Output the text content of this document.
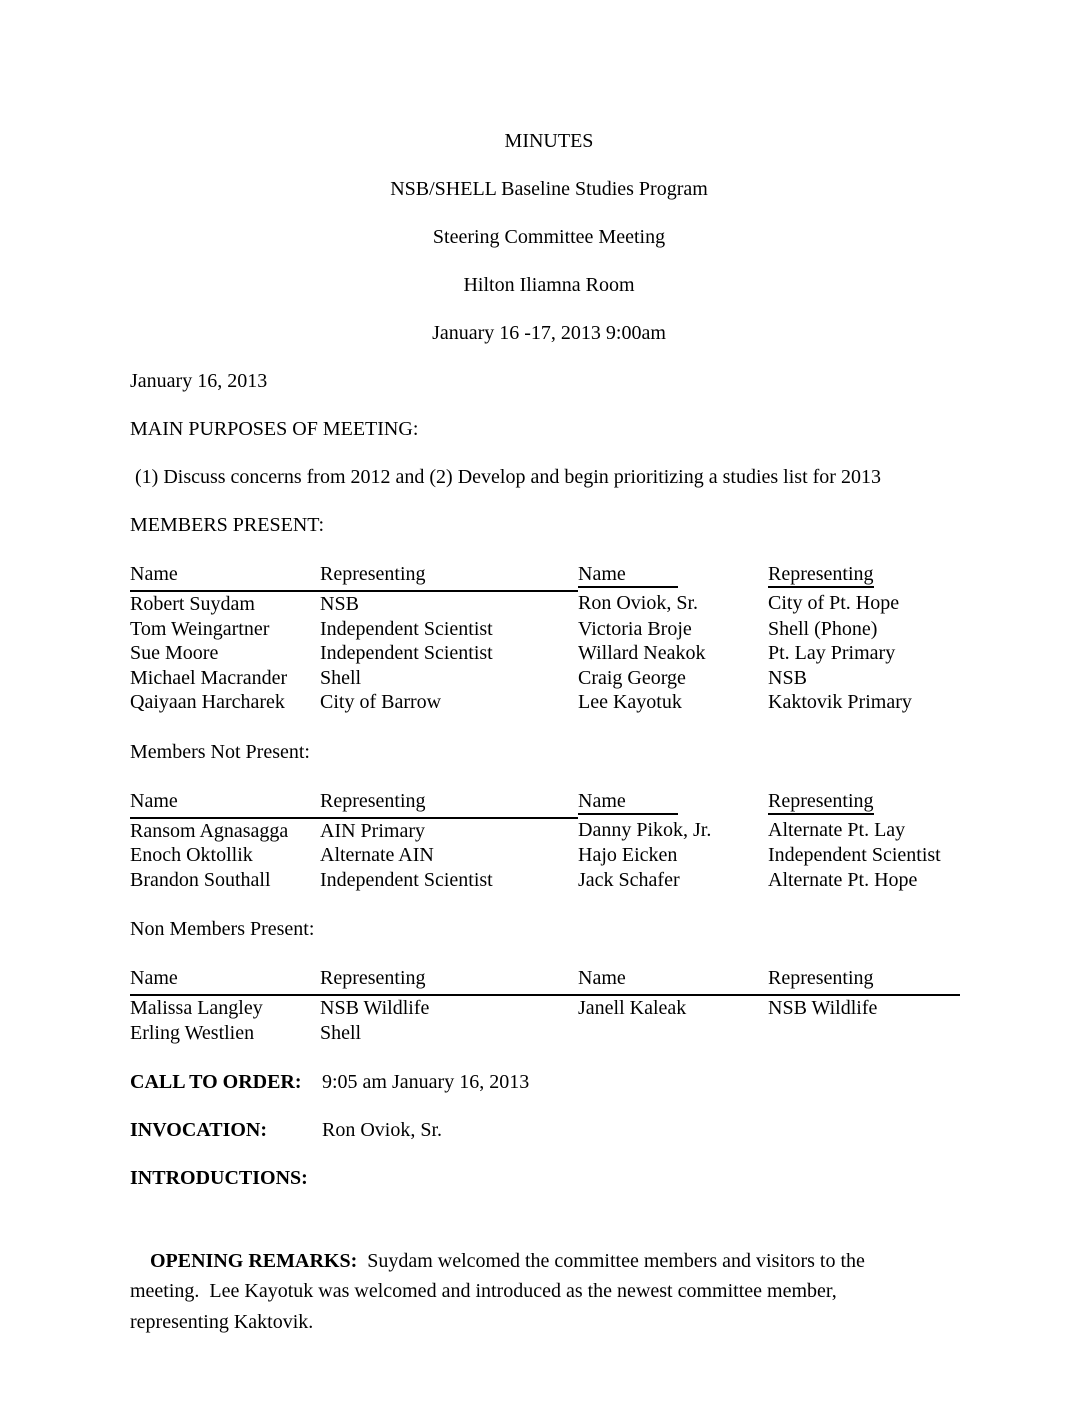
MINUTES

NSB/SHELL Baseline Studies Program

Steering Committee Meeting

Hilton Iliamna Room

January 16 -17, 2013 9:00am

January 16, 2013

MAIN PURPOSES OF MEETING:

(1) Discuss concerns from 2012 and (2) Develop and begin prioritizing a studies list for 2013

MEMBERS PRESENT:

Name	Representing	Name	Representing
Robert Suydam	NSB	Ron Oviok, Sr.	City of Pt. Hope
Tom Weingartner	Independent Scientist	Victoria Broje	Shell (Phone)
Sue Moore	Independent Scientist	Willard Neakok	Pt. Lay Primary
Michael Macrander	Shell	Craig George	NSB
Qaiyaan Harcharek	City of Barrow	Lee Kayotuk	Kaktovik Primary

Members Not Present:

Name	Representing	Name	Representing
Ransom Agnasagga	AIN Primary	Danny Pikok, Jr.	Alternate Pt. Lay
Enoch Oktollik	Alternate AIN	Hajo Eicken	Independent Scientist
Brandon Southall	Independent Scientist	Jack Schafer	Alternate Pt. Hope

Non Members Present:

Name	Representing	Name	Representing
Malissa Langley	NSB Wildlife	Janell Kaleak	NSB Wildlife
Erling Westlien	Shell		

CALL TO ORDER: 9:05 am January 16, 2013

INVOCATION:	Ron Oviok, Sr.

INTRODUCTIONS:

OPENING REMARKS:  Suydam welcomed the committee members and visitors to the meeting.  Lee Kayotuk was welcomed and introduced as the newest committee member, representing Kaktovik.
